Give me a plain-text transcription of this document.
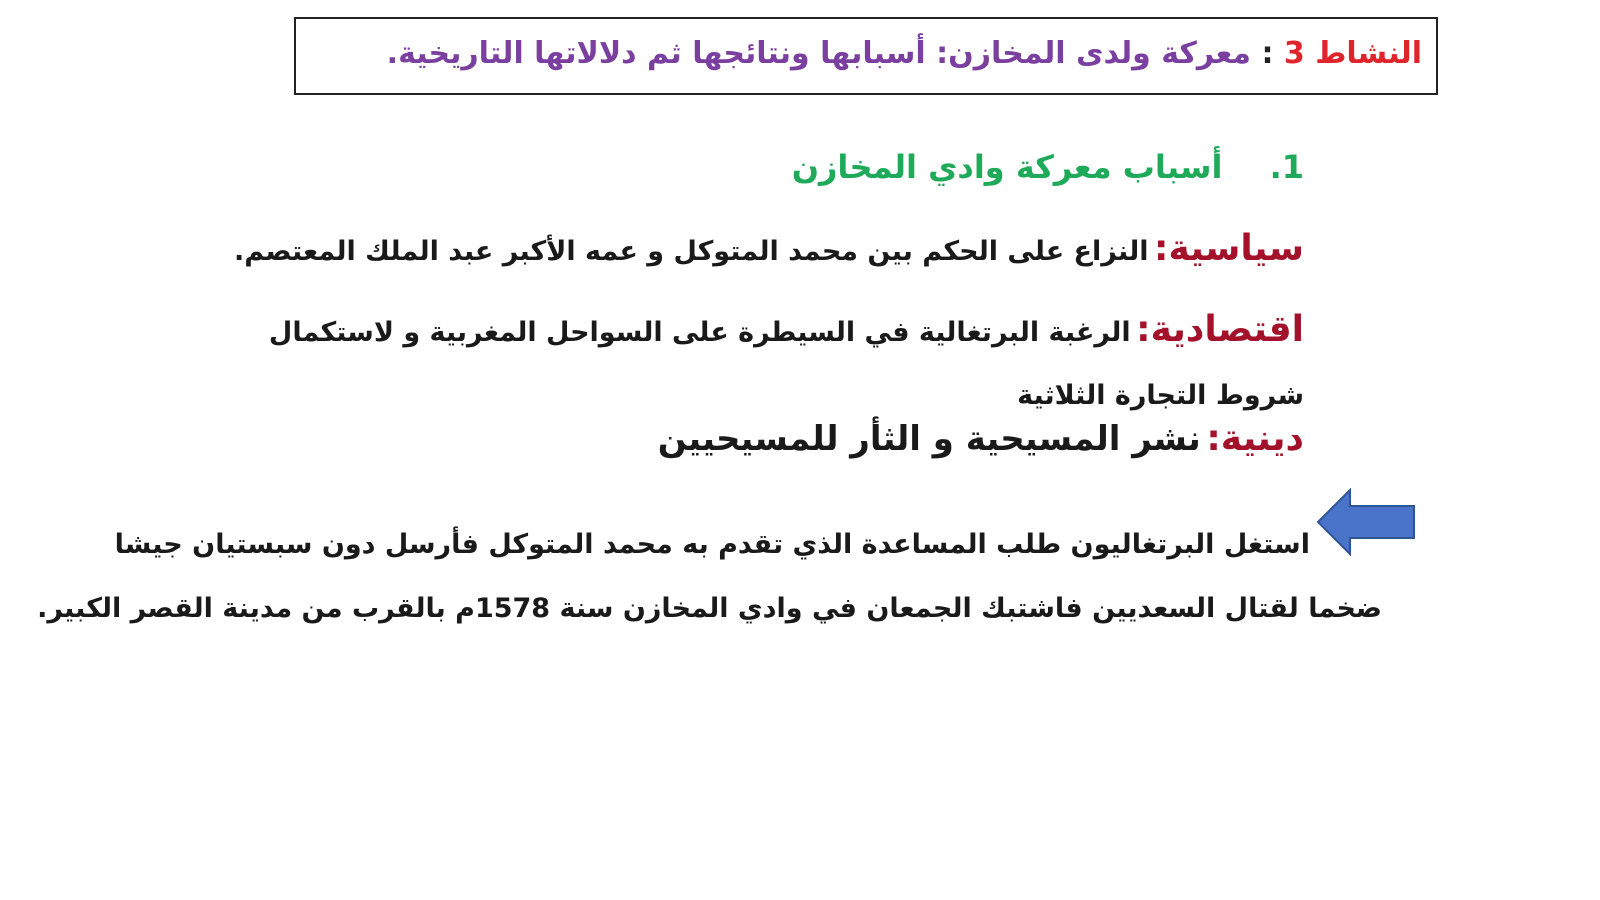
النشاط 3 : معركة ولدى المخازن: أسبابها ونتائجها ثم دلالاتها التاريخية.
1. أسباب معركة وادي المخازن
سياسية: النزاع على الحكم بين محمد المتوكل و عمه الأكبر عبد الملك المعتصم.
اقتصادية: الرغبة البرتغالية في السيطرة على السواحل المغربية و لاستكمال شروط التجارة الثلاثية
دينية: نشر المسيحية و الثأر للمسيحيين
استغل البرتغاليون طلب المساعدة الذي تقدم به محمد المتوكل فأرسل دون سبستيان جيشا
ضخما لقتال السعديين فاشتبك الجمعان في وادي المخازن سنة 1578م بالقرب من مدينة القصر الكبير.
